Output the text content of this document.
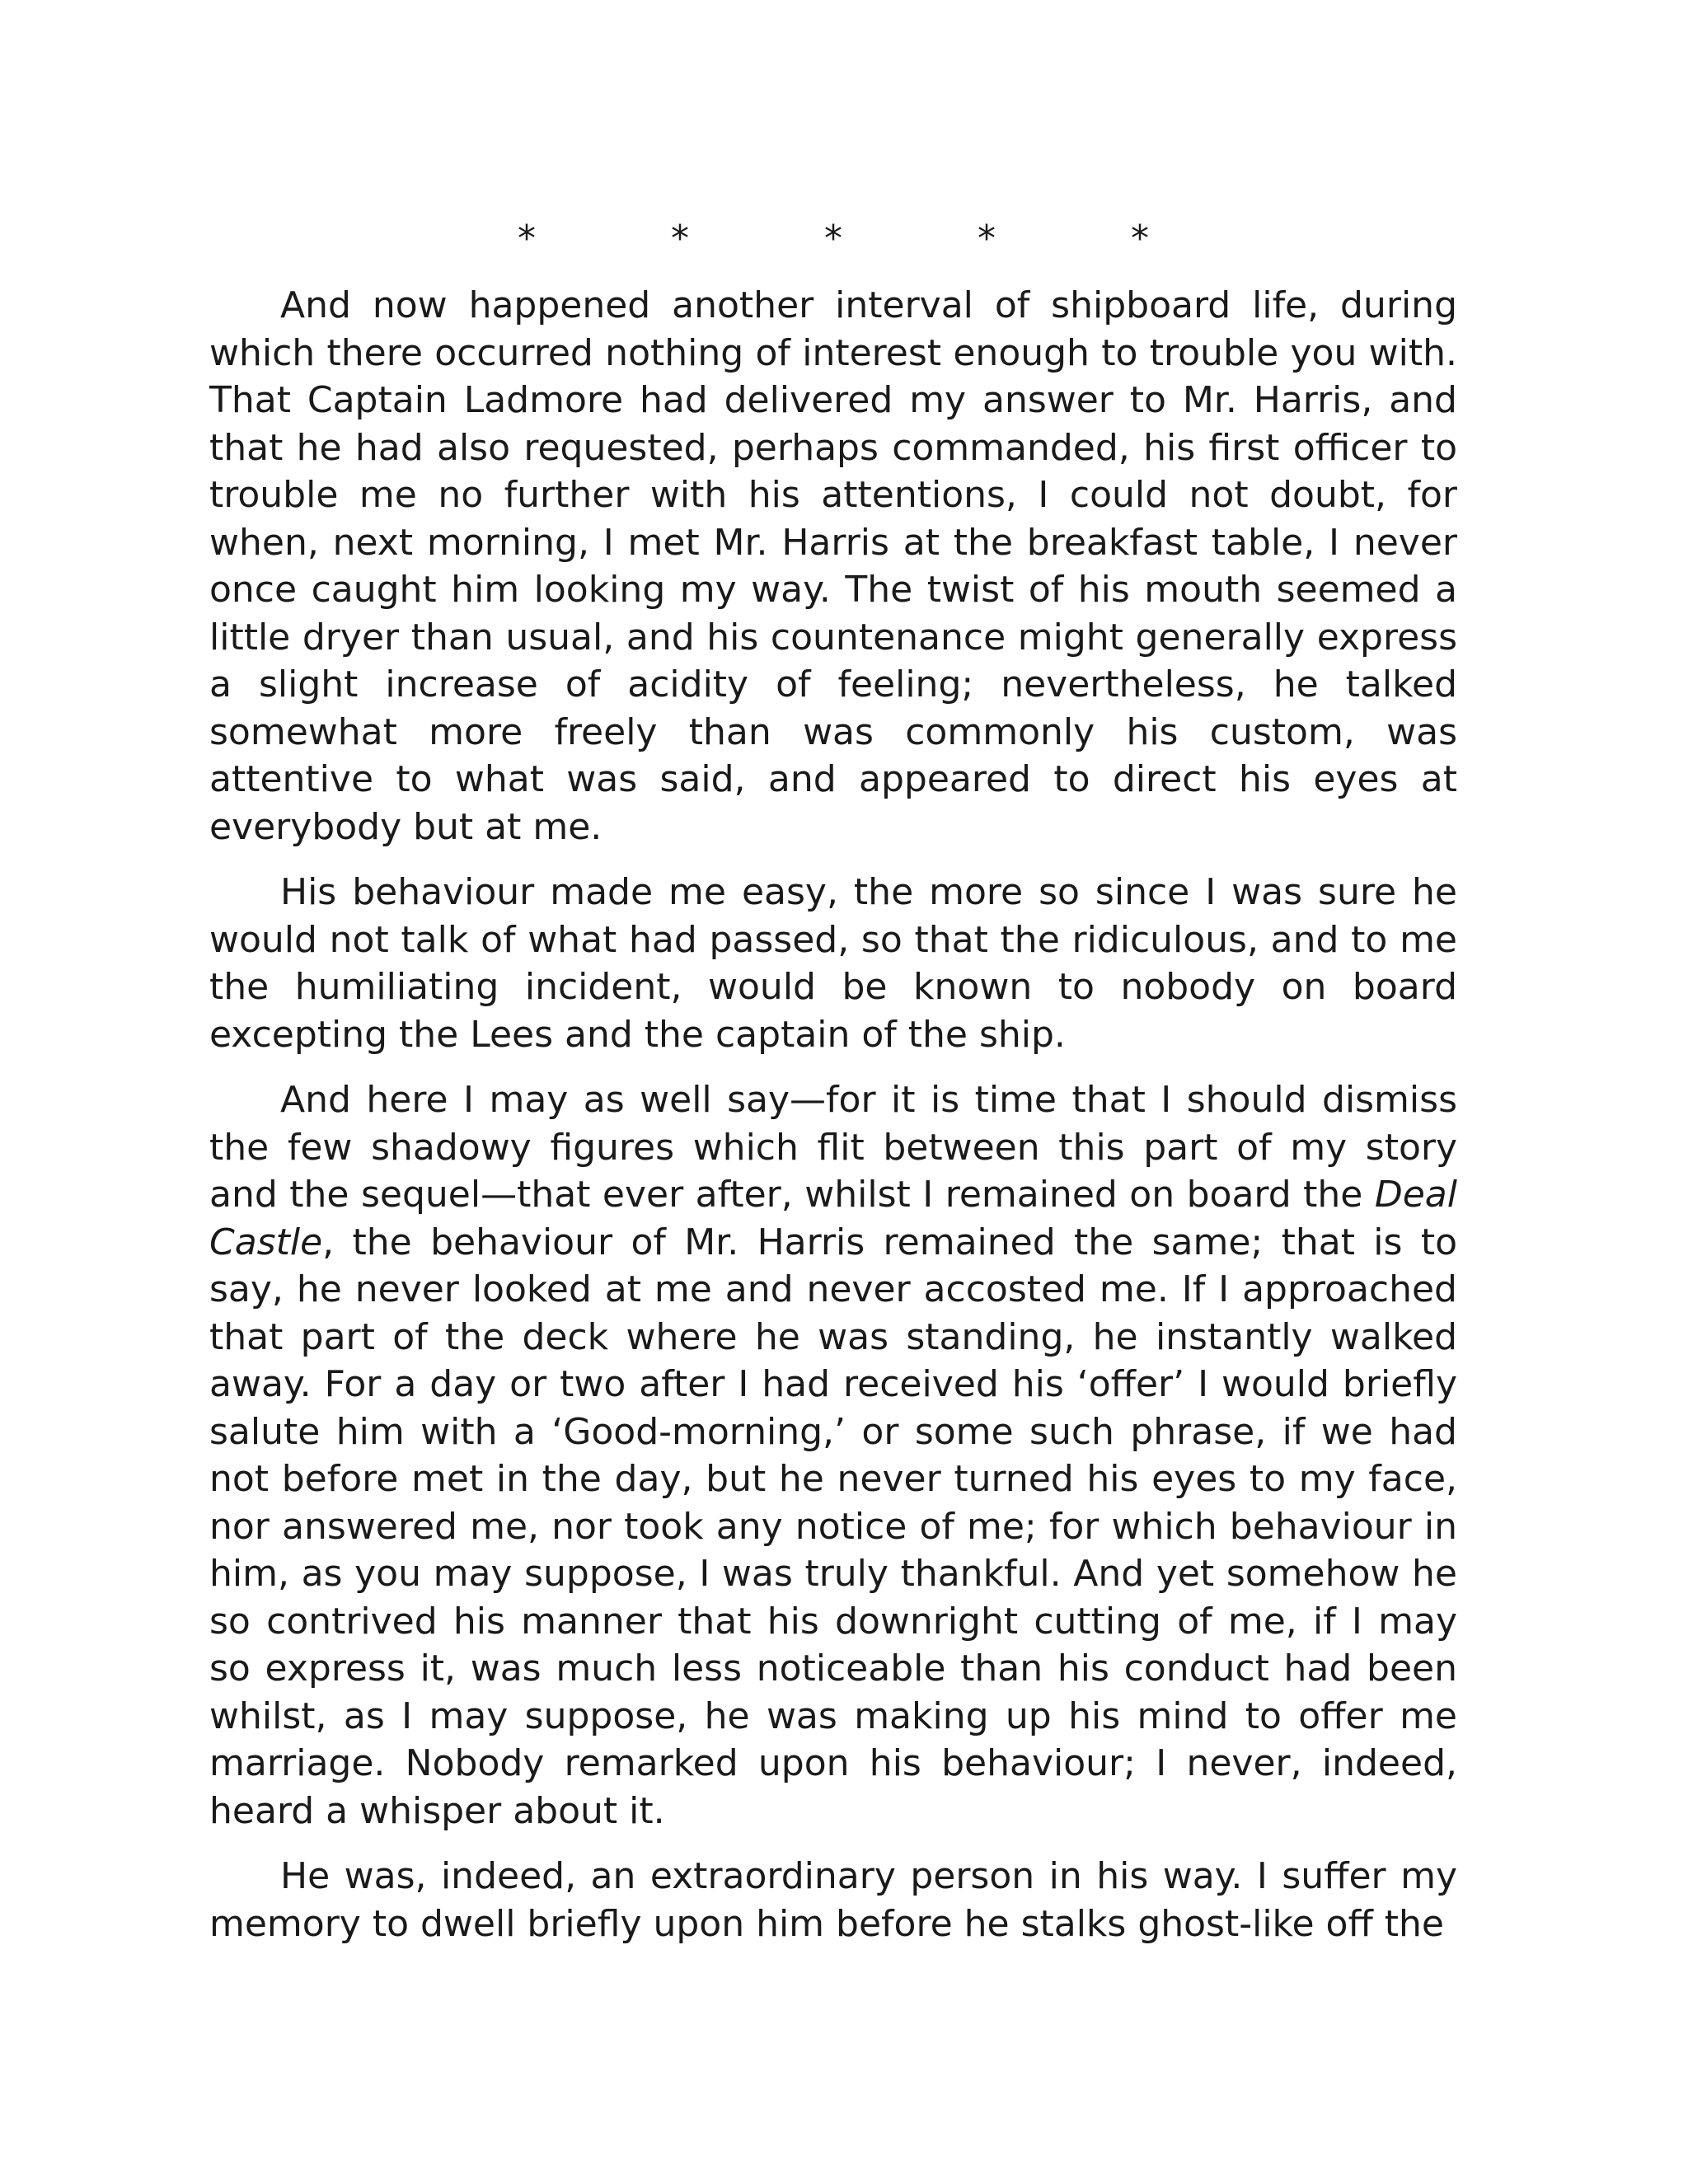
*	*	*	*	*

And now happened another interval of shipboard life, during which there occurred nothing of interest enough to trouble you with. That Captain Ladmore had delivered my answer to Mr. Harris, and that he had also requested, perhaps commanded, his first officer to trouble me no further with his attentions, I could not doubt, for when, next morning, I met Mr. Harris at the breakfast table, I never once caught him looking my way. The twist of his mouth seemed a little dryer than usual, and his countenance might generally express a slight increase of acidity of feeling; nevertheless, he talked somewhat more freely than was commonly his custom, was attentive to what was said, and appeared to direct his eyes at everybody but at me.

His behaviour made me easy, the more so since I was sure he would not talk of what had passed, so that the ridiculous, and to me the humiliating incident, would be known to nobody on board excepting the Lees and the captain of the ship.

And here I may as well say—for it is time that I should dismiss the few shadowy figures which flit between this part of my story and the sequel—that ever after, whilst I remained on board the Deal Castle, the behaviour of Mr. Harris remained the same; that is to say, he never looked at me and never accosted me. If I approached that part of the deck where he was standing, he instantly walked away. For a day or two after I had received his ‘offer’ I would briefly salute him with a ‘Good-morning,’ or some such phrase, if we had not before met in the day, but he never turned his eyes to my face, nor answered me, nor took any notice of me; for which behaviour in him, as you may suppose, I was truly thankful. And yet somehow he so contrived his manner that his downright cutting of me, if I may so express it, was much less noticeable than his conduct had been whilst, as I may suppose, he was making up his mind to offer me marriage. Nobody remarked upon his behaviour; I never, indeed, heard a whisper about it.

He was, indeed, an extraordinary person in his way. I suffer my memory to dwell briefly upon him before he stalks ghost-like off the
